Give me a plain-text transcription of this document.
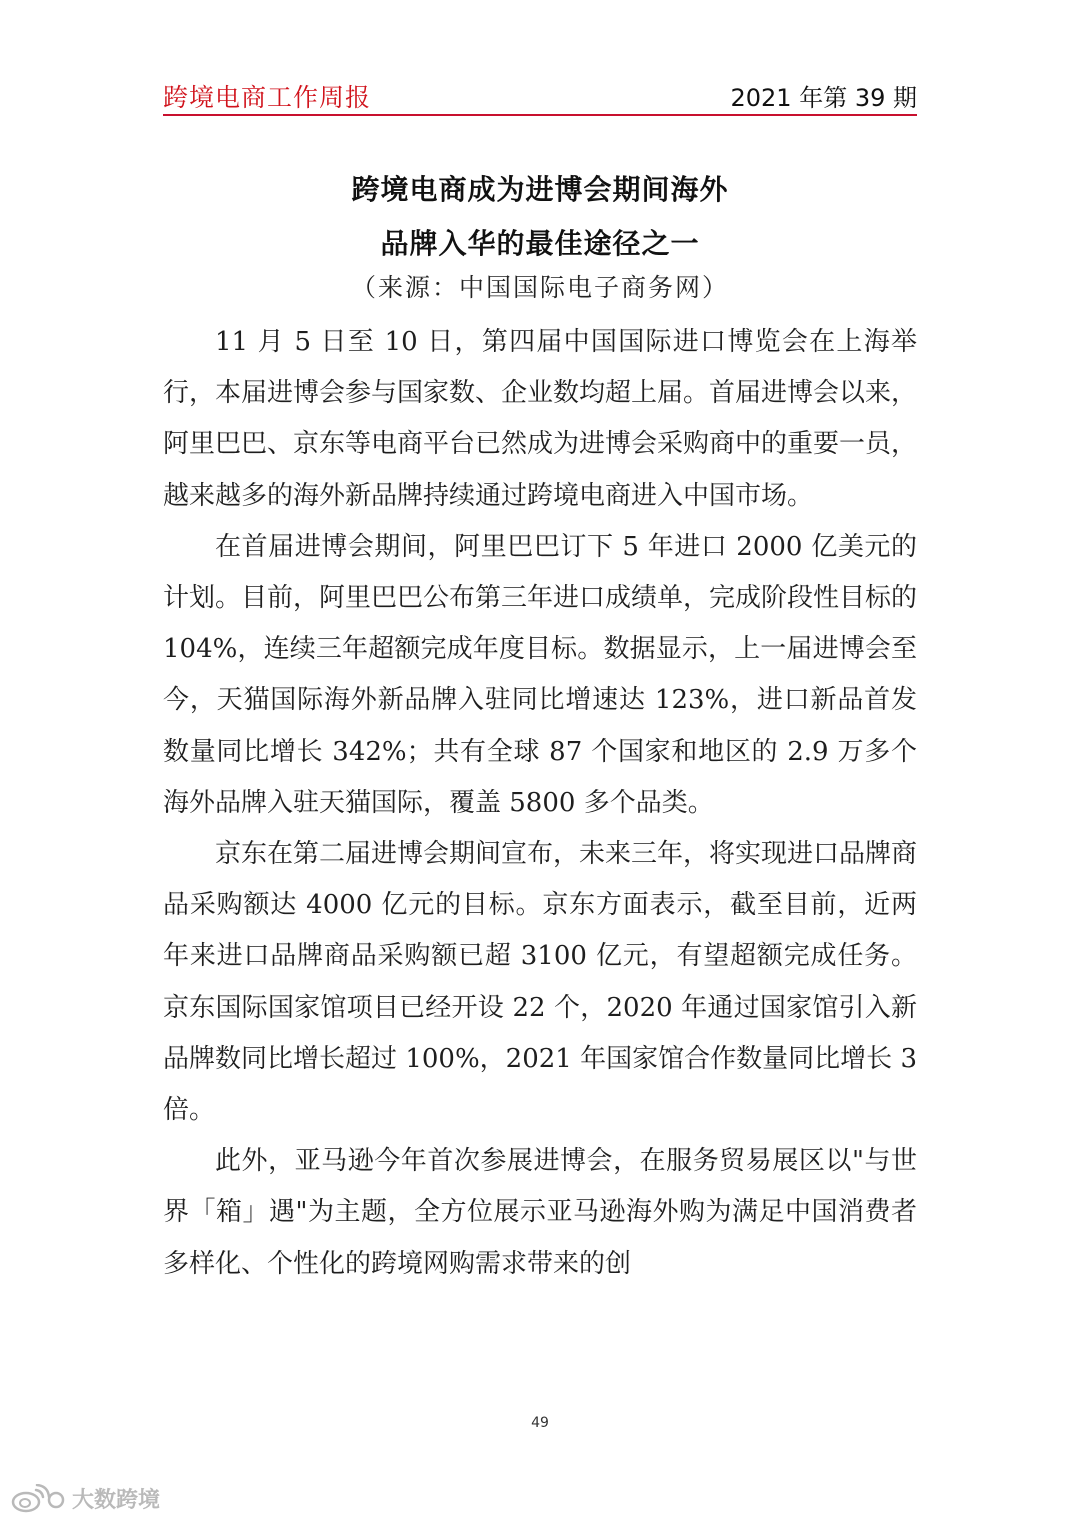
跨境电商工作周报	2021 年第 39 期
跨境电商成为进博会期间海外
品牌入华的最佳途径之一
（来源：中国国际电子商务网）

11 月 5 日至 10 日，第四届中国国际进口博览会在上海举行，本届进博会参与国家数、企业数均超上届。首届进博会以来，阿里巴巴、京东等电商平台已然成为进博会采购商中的重要一员，越来越多的海外新品牌持续通过跨境电商进入中国市场。

在首届进博会期间，阿里巴巴订下 5 年进口 2000 亿美元的计划。目前，阿里巴巴公布第三年进口成绩单，完成阶段性目标的 104%，连续三年超额完成年度目标。数据显示，上一届进博会至今，天猫国际海外新品牌入驻同比增速达 123%，进口新品首发数量同比增长 342%；共有全球 87 个国家和地区的 2.9 万多个海外品牌入驻天猫国际，覆盖 5800 多个品类。

京东在第二届进博会期间宣布，未来三年，将实现进口品牌商品采购额达 4000 亿元的目标。京东方面表示，截至目前，近两年来进口品牌商品采购额已超 3100 亿元，有望超额完成任务。京东国际国家馆项目已经开设 22 个，2020 年通过国家馆引入新品牌数同比增长超过 100%，2021 年国家馆合作数量同比增长 3 倍。

此外，亚马逊今年首次参展进博会，在服务贸易展区以"与世界「箱」遇"为主题，全方位展示亚马逊海外购为满足中国消费者多样化、个性化的跨境网购需求带来的创

49
大数跨境
